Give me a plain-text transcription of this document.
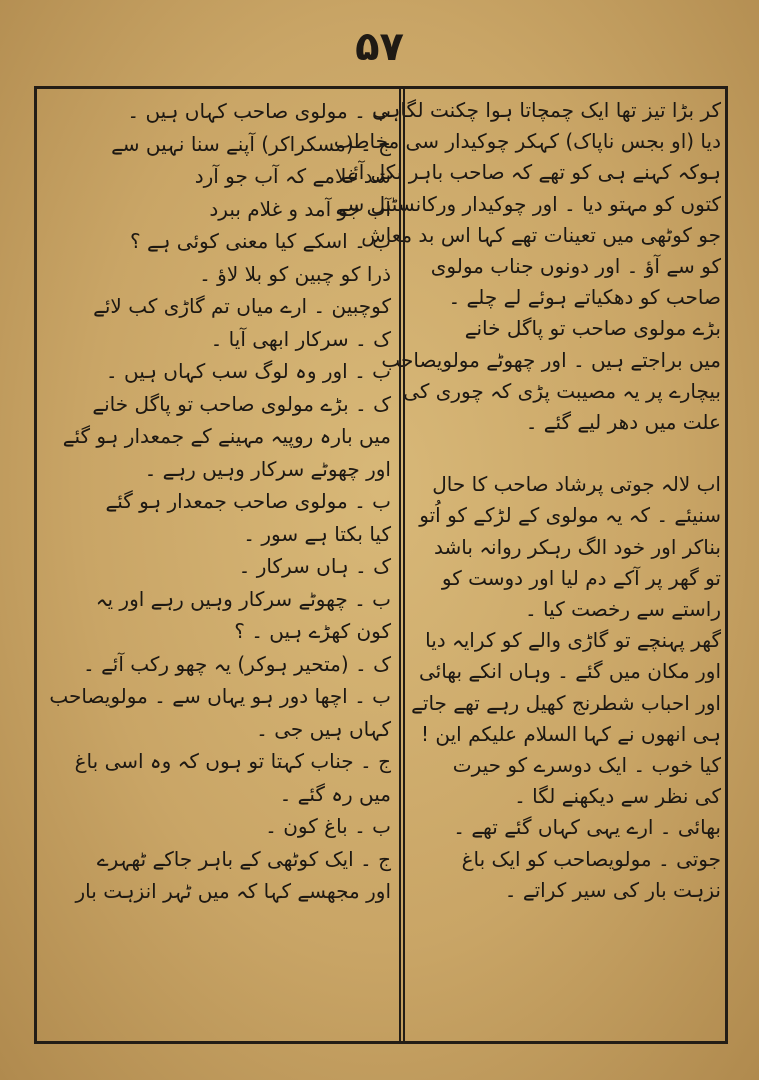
۵۷
کر بڑا تیز تھا ایک چمچاتا ہوا چکنت لگاہی
دیا (او بجس ناپاک) کہکر چوکیدار سی مخاطب
ہوکہ کہنے ہی کو تھے کہ صاحب باہر نکل آئے
کتوں کو مہتو دیا ۔ اور چوکیدار ورکانسٹبل سے
جو کوٹھی میں تعینات تھے کہا اس بد معاش
کو سے آؤ ۔ اور دونوں جناب مولوی
صاحب کو دھکیاتے ہوئے لے چلے ۔
بڑے مولوی صاحب تو پاگل خانے
میں براجتے ہیں ۔ اور چھوٹے مولویصاحب
بیچارے پر یہ مصیبت پڑی کہ چوری کی
علت میں دھر لیے گئے ۔
اب لالہ جوتی پرشاد صاحب کا حال
سنیئے ۔ کہ یہ مولوی کے لڑکے کو اُتو
بناکر اور خود الگ رہکر روانہ باشد
تو گھر پر آکے دم لیا اور دوست کو
راستے سے رخصت کیا ۔
گھر پہنچے تو گاڑی والے کو کرایہ دیا
اور مکان میں گئے ۔ وہاں انکے بھائی
اور احباب شطرنج کھیل رہے تھے جاتے
ہی انھوں نے کہا السلام علیکم این !
کیا خوب ۔ ایک دوسرے کو حیرت
کی نظر سے دیکھنے لگا ۔
بھائی ۔ ارے یہی کہاں گئے تھے ۔
جوتی ۔ مولویصاحب کو ایک باغ
نزہت بار کی سیر کراتے ۔
ب ۔ مولوی صاحب کہاں ہیں ۔
ج ۔ (مسکراکر) آپنے سنا نہیں سے
شد غلامے کہ آب جو آرد
آب جو آمد و غلام ببرد
ب ۔ اسکے کیا معنی کوئی ہے ؟
ذرا کو چبین کو بلا لاؤ ۔
کوچبین ۔ ارے میاں تم گاڑی کب لائے
ک ۔ سرکار ابھی آیا ۔
ب ۔ اور وہ لوگ سب کہاں ہیں ۔
ک ۔ بڑے مولوی صاحب تو پاگل خانے
میں بارہ روپیہ مہینے کے جمعدار ہو گئے
اور چھوٹے سرکار وہیں رہے ۔
ب ۔ مولوی صاحب جمعدار ہو گئے
کیا بکتا ہے سور ۔
ک ۔ ہاں سرکار ۔
ب ۔ چھوٹے سرکار وہیں رہے اور یہ
کون کھڑے ہیں ۔ ؟
ک ۔ (متحیر ہوکر) یہ چھو رکب آئے ۔
ب ۔ اچھا دور ہو یہاں سے ۔ مولویصاحب
کہاں ہیں جی ۔
ج ۔ جناب کہتا تو ہوں کہ وہ اسی باغ
میں رہ گئے ۔
ب ۔ باغ کون ۔
ج ۔ ایک کوٹھی کے باہر جاکے ٹھہرے
اور مجھسے کہا کہ میں ٹہر انزہت بار
